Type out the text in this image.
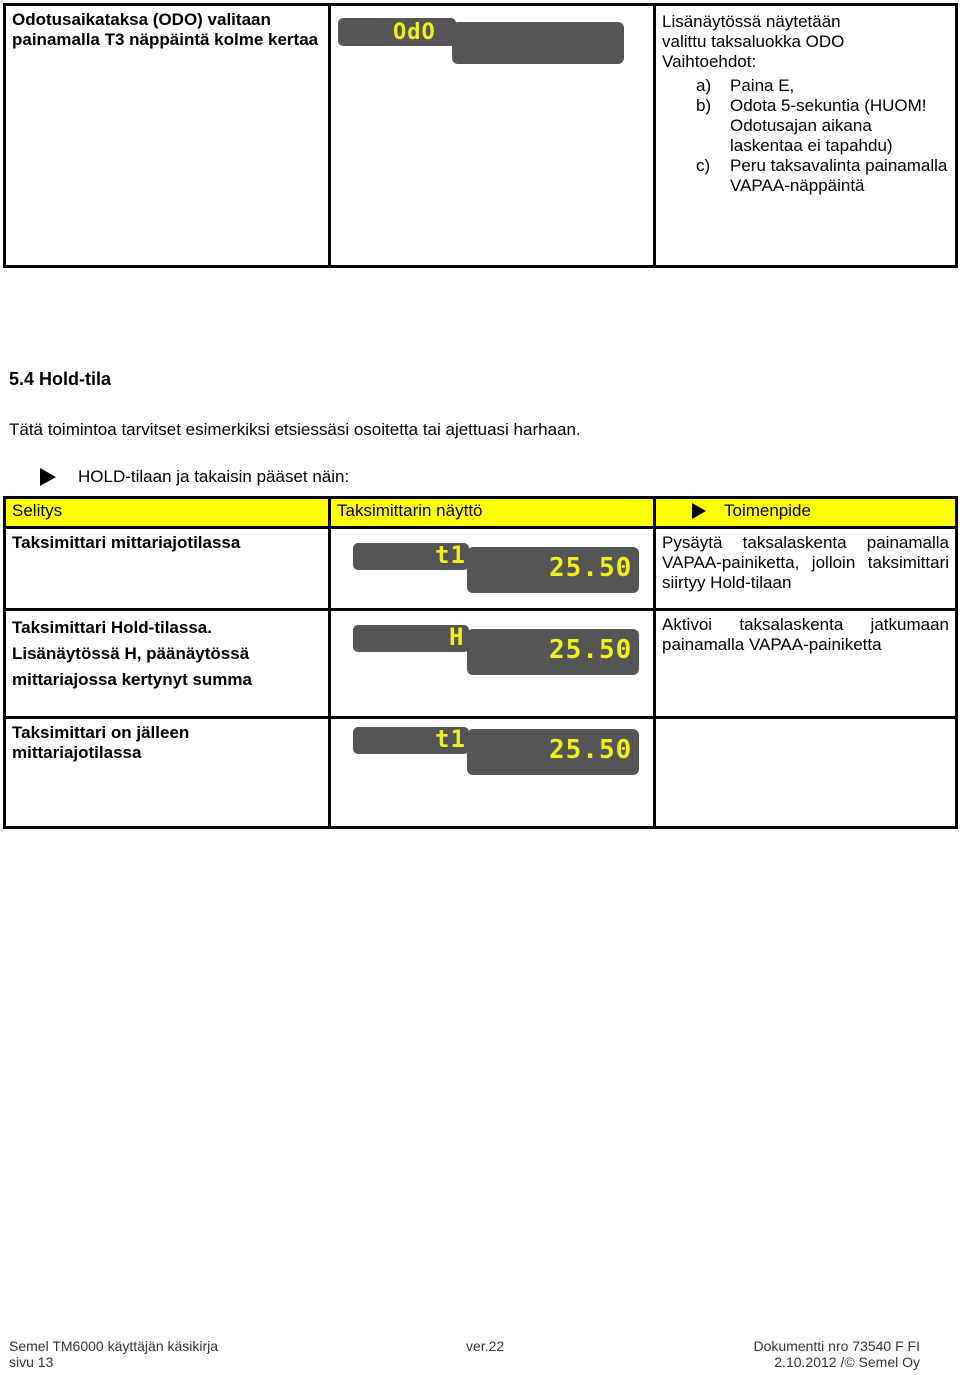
Odotusaikataksa (ODO) valitaan painamalla T3 näppäintä kolme kertaa	OdO	Lisänäytössä näytetään
valittu taksaluokka ODO
Vaihtoehdot:
a)	Paina E,
b)	Odota 5-sekuntia (HUOM! Odotusajan aikana laskentaa ei tapahdu)
c)	Peru taksavalinta painamalla VAPAA-näppäintä
5.4 Hold-tila
Tätä toimintoa tarvitset esimerkiksi etsiessäsi osoitetta tai ajettuasi harhaan.
HOLD-tilaan ja takaisin pääset näin:
Selitys	Taksimittarin näyttö	Toimenpide

Taksimittari mittariajotilassa	t1 25.50	Pysäytä taksalaskenta painamalla VAPAA-painiketta, jolloin taksimittari siirtyy Hold-tilaan
Taksimittari Hold-tilassa. Lisänäytössä H, päänäytössä mittariajossa kertynyt summa	H 25.50	Aktivoi taksalaskenta jatkumaan painamalla VAPAA-painiketta
Taksimittari on jälleen mittariajotilassa	t1 25.50	

Semel TM6000 käyttäjän käsikirja
sivu 13
ver.22	Dokumentti nro 73540 F FI
2.10.2012 /© Semel Oy
